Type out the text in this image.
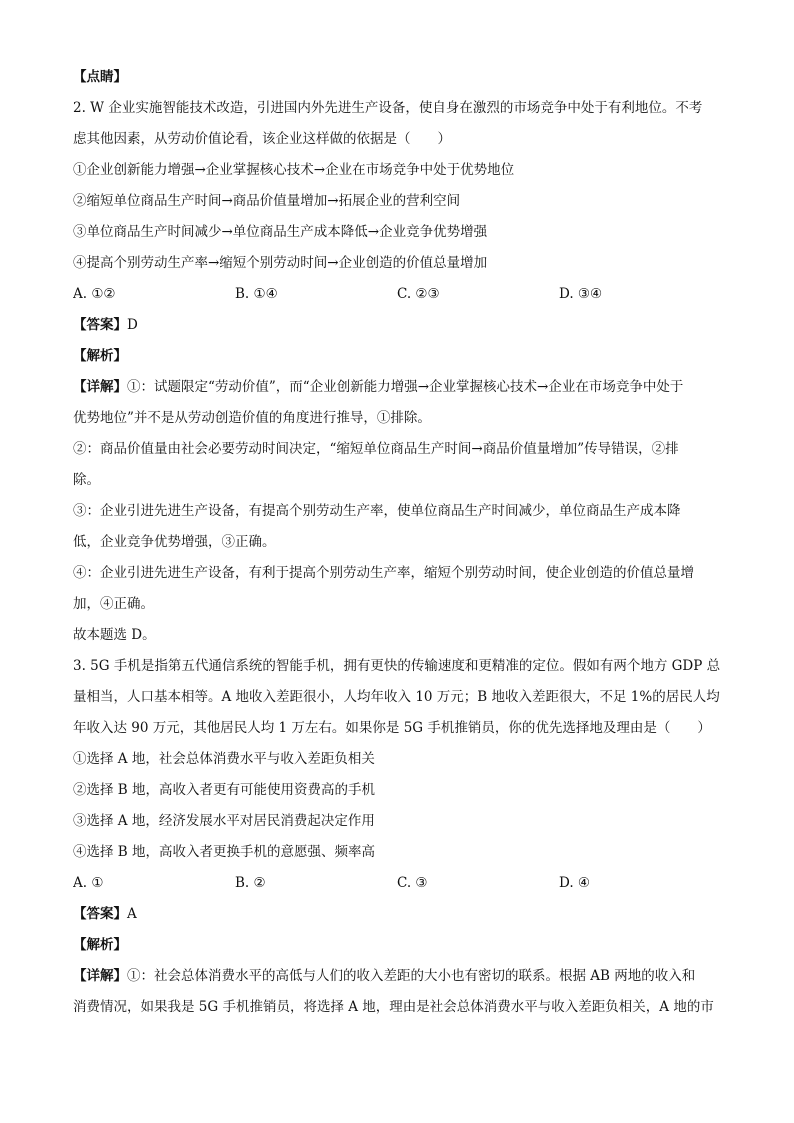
【点睛】
2. W 企业实施智能技术改造，引进国内外先进生产设备，使自身在激烈的市场竞争中处于有利地位。不考
虑其他因素，从劳动价值论看，该企业这样做的依据是（　　）
①企业创新能力增强→企业掌握核心技术→企业在市场竞争中处于优势地位
②缩短单位商品生产时间→商品价值量增加→拓展企业的营利空间
③单位商品生产时间减少→单位商品生产成本降低→企业竞争优势增强
④提高个别劳动生产率→缩短个别劳动时间→企业创造的价值总量增加
A. ①②	B. ①④	C. ②③	D. ③④
【答案】D
【解析】
【详解】①：试题限定“劳动价值”，而“企业创新能力增强→企业掌握核心技术→企业在市场竞争中处于
优势地位”并不是从劳动创造价值的角度进行推导，①排除。
②：商品价值量由社会必要劳动时间决定，“缩短单位商品生产时间→商品价值量增加”传导错误，②排
除。
③：企业引进先进生产设备，有提高个别劳动生产率，使单位商品生产时间减少，单位商品生产成本降
低，企业竞争优势增强，③正确。
④：企业引进先进生产设备，有利于提高个别劳动生产率，缩短个别劳动时间，使企业创造的价值总量增
加，④正确。
故本题选 D。
3. 5G 手机是指第五代通信系统的智能手机，拥有更快的传输速度和更精准的定位。假如有两个地方 GDP 总
量相当，人口基本相等。A 地收入差距很小，人均年收入 10 万元；B 地收入差距很大，不足 1%的居民人均
年收入达 90 万元，其他居民人均 1 万左右。如果你是 5G 手机推销员，你的优先选择地及理由是（　　）
①选择 A 地，社会总体消费水平与收入差距负相关
②选择 B 地，高收入者更有可能使用资费高的手机
③选择 A 地，经济发展水平对居民消费起决定作用
④选择 B 地，高收入者更换手机的意愿强、频率高
A. ①	B. ②	C. ③	D. ④
【答案】A
【解析】
【详解】①：社会总体消费水平的高低与人们的收入差距的大小也有密切的联系。根据 AB 两地的收入和
消费情况，如果我是 5G 手机推销员，将选择 A 地，理由是社会总体消费水平与收入差距负相关，A 地的市
